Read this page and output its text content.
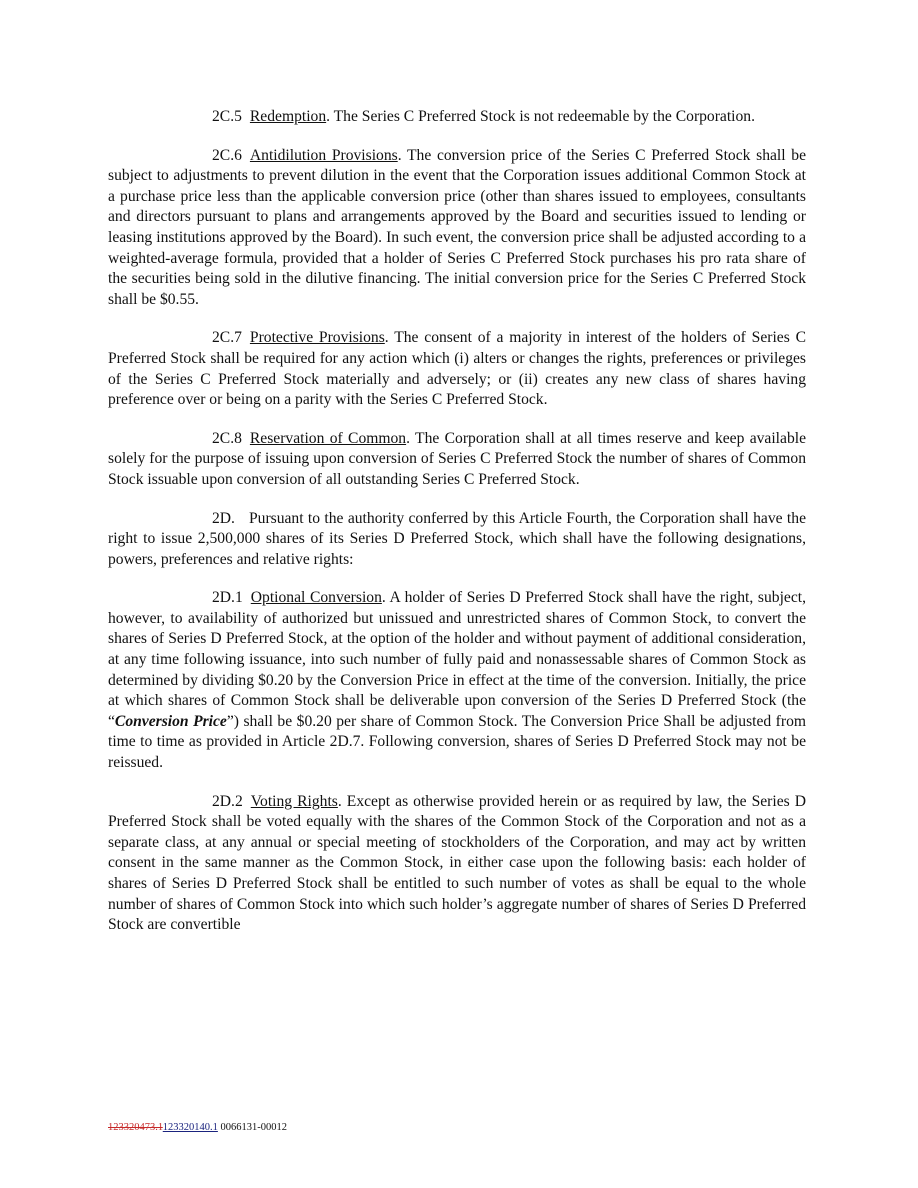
2C.5 Redemption. The Series C Preferred Stock is not redeemable by the Corporation.

2C.6 Antidilution Provisions. The conversion price of the Series C Preferred Stock shall be subject to adjustments to prevent dilution in the event that the Corporation issues additional Common Stock at a purchase price less than the applicable conversion price (other than shares issued to employees, consultants and directors pursuant to plans and arrangements approved by the Board and securities issued to lending or leasing institutions approved by the Board). In such event, the conversion price shall be adjusted according to a weighted-average formula, provided that a holder of Series C Preferred Stock purchases his pro rata share of the securities being sold in the dilutive financing. The initial conversion price for the Series C Preferred Stock shall be $0.55.

2C.7 Protective Provisions. The consent of a majority in interest of the holders of Series C Preferred Stock shall be required for any action which (i) alters or changes the rights, preferences or privileges of the Series C Preferred Stock materially and adversely; or (ii) creates any new class of shares having preference over or being on a parity with the Series C Preferred Stock.

2C.8 Reservation of Common. The Corporation shall at all times reserve and keep available solely for the purpose of issuing upon conversion of Series C Preferred Stock the number of shares of Common Stock issuable upon conversion of all outstanding Series C Preferred Stock.

2D. Pursuant to the authority conferred by this Article Fourth, the Corporation shall have the right to issue 2,500,000 shares of its Series D Preferred Stock, which shall have the following designations, powers, preferences and relative rights:

2D.1 Optional Conversion. A holder of Series D Preferred Stock shall have the right, subject, however, to availability of authorized but unissued and unrestricted shares of Common Stock, to convert the shares of Series D Preferred Stock, at the option of the holder and without payment of additional consideration, at any time following issuance, into such number of fully paid and nonassessable shares of Common Stock as determined by dividing $0.20 by the Conversion Price in effect at the time of the conversion. Initially, the price at which shares of Common Stock shall be deliverable upon conversion of the Series D Preferred Stock (the “Conversion Price”) shall be $0.20 per share of Common Stock. The Conversion Price Shall be adjusted from time to time as provided in Article 2D.7. Following conversion, shares of Series D Preferred Stock may not be reissued.

2D.2 Voting Rights. Except as otherwise provided herein or as required by law, the Series D Preferred Stock shall be voted equally with the shares of the Common Stock of the Corporation and not as a separate class, at any annual or special meeting of stockholders of the Corporation, and may act by written consent in the same manner as the Common Stock, in either case upon the following basis: each holder of shares of Series D Preferred Stock shall be entitled to such number of votes as shall be equal to the whole number of shares of Common Stock into which such holder’s aggregate number of shares of Series D Preferred Stock are convertible

123320473.1123320140.1 0066131-00012
